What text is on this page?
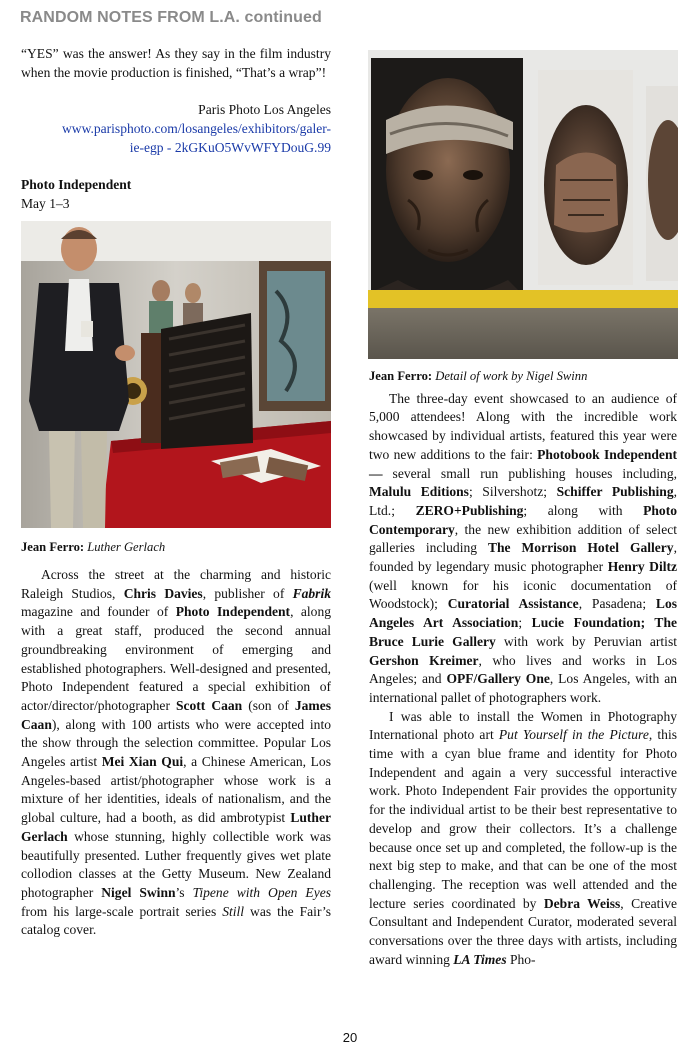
RANDOM NOTES FROM L.A. continued

“YES” was the answer! As they say in the film industry when the movie production is finished, “That’s a wrap”!

Paris Photo Los Angeles

www.parisphoto.com/losangeles/exhibitors/galer-

ie-egp - 2kGKuO5WvWFYDouG.99

Photo Independent

May 1–3

Jean Ferro: Luther Gerlach

Across the street at the charming and historic Raleigh Studios, Chris Davies, publisher of Fabrik magazine and founder of Photo Independent, along with a great staff, produced the second annual groundbreaking environment of emerging and established photographers. Well-designed and presented, Photo Independent featured a special exhibition of actor/director/photographer Scott Caan (son of James Caan), along with 100 artists who were accepted into the show through the selection committee. Popular Los Angeles artist Mei Xian Qui, a Chinese American, Los Angeles-based artist/photographer whose work is a mixture of her identities, ideals of nationalism, and the global culture, had a booth, as did ambrotypist Luther Gerlach whose stunning, highly collectible work was beautifully presented. Luther frequently gives wet plate collodion classes at the Getty Museum. New Zealand photographer Nigel Swinn’s Tipene with Open Eyes from his large-scale portrait series Still was the Fair’s catalog cover.

Jean Ferro: Detail of work by Nigel Swinn

The three-day event showcased to an audience of 5,000 attendees! Along with the incredible work showcased by individual artists, featured this year were two new additions to the fair: Photobook Independent — several small run publishing houses including, Malulu Editions; Silvershotz; Schiffer Publishing, Ltd.; ZERO+Publishing; along with Photo Contemporary, the new exhibition addition of select galleries including The Morrison Hotel Gallery, founded by legendary music photographer Henry Diltz (well known for his iconic documentation of Woodstock); Curatorial Assistance, Pasadena; Los Angeles Art Association; Lucie Foundation; The Bruce Lurie Gallery with work by Peruvian artist Gershon Kreimer, who lives and works in Los Angeles; and OPF/Gallery One, Los Angeles, with an international pallet of photographers work.

I was able to install the Women in Photography International photo art Put Yourself in the Picture, this time with a cyan blue frame and identity for Photo Independent and again a very successful interactive work. Photo Independent Fair provides the opportunity for the individual artist to be their best representative to develop and grow their collectors. It’s a challenge because once set up and completed, the follow-up is the next big step to make, and that can be one of the most challenging. The reception was well attended and the lecture series coordinated by Debra Weiss, Creative Consultant and Independent Curator, moderated several conversations over the three days with artists, including award winning LA Times Pho-

20
